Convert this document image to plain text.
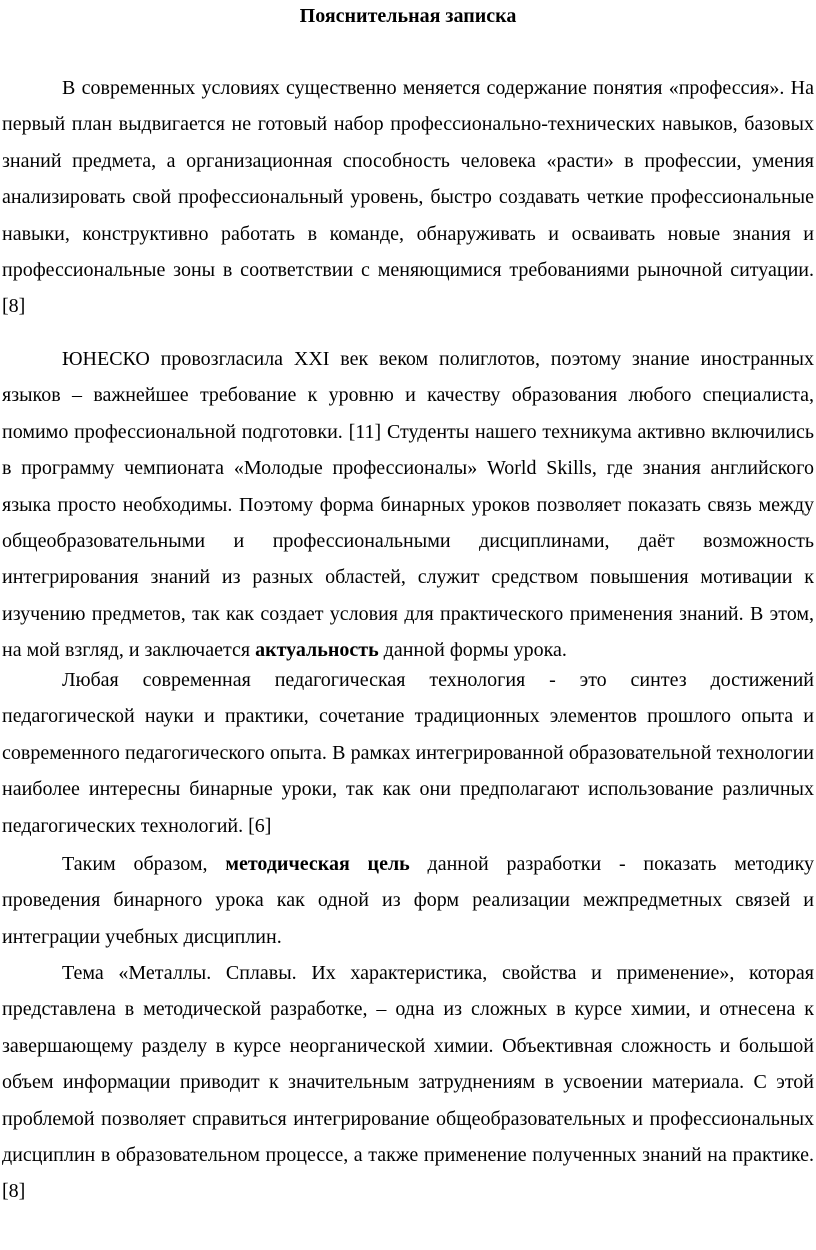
Пояснительная записка

В современных условиях существенно меняется содержание понятия «профессия». На первый план выдвигается не готовый набор профессионально-технических навыков, базовых знаний предмета, а организационная способность человека «расти» в профессии, умения анализировать свой профессиональный уровень, быстро создавать четкие профессиональные навыки, конструктивно работать в команде, обнаруживать и осваивать новые знания и профессиональные зоны в соответствии с меняющимися требованиями рыночной ситуации. [8]

ЮНЕСКО провозгласила XXI век веком полиглотов, поэтому знание иностранных языков – важнейшее требование к уровню и качеству образования любого специалиста, помимо профессиональной подготовки. [11] Студенты нашего техникума активно включились в программу чемпионата «Молодые профессионалы» World Skills, где знания английского языка просто необходимы. Поэтому форма бинарных уроков позволяет показать связь между общеобразовательными и профессиональными дисциплинами, даёт возможность интегрирования знаний из разных областей, служит средством повышения мотивации к изучению предметов, так как создает условия для практического применения знаний. В этом, на мой взгляд, и заключается актуальность данной формы урока.

Любая современная педагогическая технология - это синтез достижений педагогической науки и практики, сочетание традиционных элементов прошлого опыта и современного педагогического опыта. В рамках интегрированной образовательной технологии наиболее интересны бинарные уроки, так как они предполагают использование различных педагогических технологий. [6]

Таким образом, методическая цель данной разработки - показать методику проведения бинарного урока как одной из форм реализации межпредметных связей и интеграции учебных дисциплин.

Тема «Металлы. Сплавы. Их характеристика, свойства и применение», которая представлена в методической разработке, – одна из сложных в курсе химии, и отнесена к завершающему разделу в курсе неорганической химии. Объективная сложность и большой объем информации приводит к значительным затруднениям в усвоении материала. С этой проблемой позволяет справиться интегрирование общеобразовательных и профессиональных дисциплин в образовательном процессе, а также применение полученных знаний на практике. [8]
